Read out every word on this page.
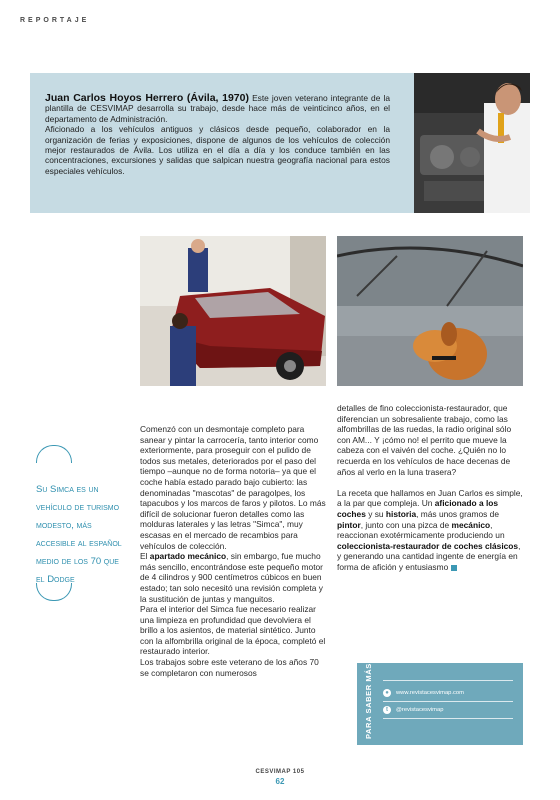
REPORTAJE
Juan Carlos Hoyos Herrero (Ávila, 1970) Este joven veterano integrante de la plantilla de CESVIMAP desarrolla su trabajo, desde hace más de veinticinco años, en el departamento de Administración.
Aficionado a los vehículos antiguos y clásicos desde pequeño, colaborador en la organización de ferias y exposiciones, dispone de algunos de los vehículos de colección mejor restaurados de Ávila. Los utiliza en el día a día y los conduce también en las concentraciones, excursiones y salidas que salpican nuestra geografía nacional para estos especiales vehículos.
Su Simca es un vehículo de turismo modesto, más accesible al español medio de los 70 que el Dodge

Comenzó con un desmontaje completo para sanear y pintar la carrocería, tanto interior como exteriormente, para proseguir con el pulido de todos sus metales, deteriorados por el paso del tiempo –aunque no de forma notoria– ya que el coche había estado parado bajo cubierto: las denominadas "mascotas" de paragolpes, los tapacubos y los marcos de faros y pilotos. Lo más difícil de solucionar fueron detalles como las molduras laterales y las letras "Simca", muy escasas en el mercado de recambios para vehículos de colección.

El apartado mecánico, sin embargo, fue mucho más sencillo, encontrándose este pequeño motor de 4 cilindros y 900 centímetros cúbicos en buen estado; tan solo necesitó una revisión completa y la sustitución de juntas y manguitos.

Para el interior del Simca fue necesario realizar una limpieza en profundidad que devolviera el brillo a los asientos, de material sintético. Junto con la alfombrilla original de la época, completó el restaurado interior.

Los trabajos sobre este veterano de los años 70 se completaron con numerosos

detalles de fino coleccionista-restaurador, que diferencian un sobresaliente trabajo, como las alfombrillas de las ruedas, la radio original sólo con AM... Y ¡cómo no! el perrito que mueve la cabeza con el vaivén del coche. ¿Quién no lo recuerda en los vehículos de hace decenas de años al verlo en la luna trasera?

La receta que hallamos en Juan Carlos es simple, a la par que compleja. Un aficionado a los coches y su historia, más unos gramos de pintor, junto con una pizca de mecánico, reaccionan exotérmicamente produciendo un coleccionista-restaurador de coches clásicos, y generando una cantidad ingente de energía en forma de afición y entusiasmo

PARA SABER MÁS	●	www.revistacesvimap.com
t	@revistacesvimap
CESVIMAP 105
62
